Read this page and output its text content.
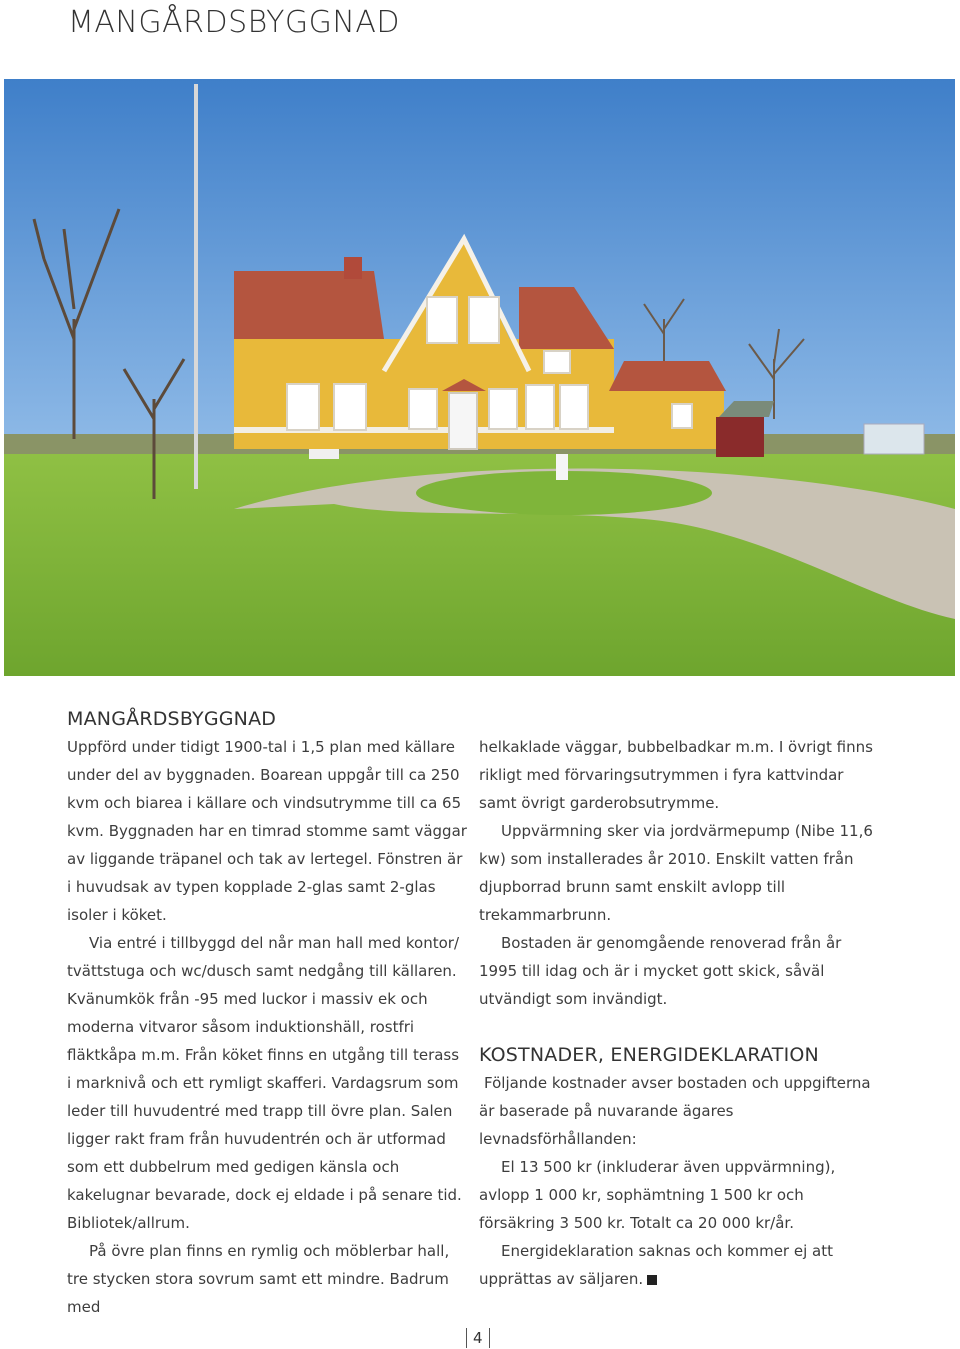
MANGÅRDSBYGGNAD
MANGÅRDSBYGGNAD

Uppförd under tidigt 1900-tal i 1,5 plan med källare under del av byggnaden. Boarean uppgår till ca 250 kvm och biarea i källare och vindsutrymme till ca 65 kvm. Byggnaden har en timrad stomme samt väggar av liggande träpanel och tak av lertegel. Fönstren är i huvudsak av typen kopplade 2-glas samt 2-glas isoler i köket.

Via entré i tillbyggd del når man hall med kontor/ tvättstuga och wc/dusch samt nedgång till källaren. Kvänumkök från -95 med luckor i massiv ek och moderna vitvaror såsom induktionshäll, rostfri fläktkåpa m.m. Från köket finns en utgång till terass i marknivå och ett rymligt skafferi. Vardagsrum som leder till huvudentré med trapp till övre plan. Salen ligger rakt fram från huvudentrén och är utformad som ett dubbelrum med gedigen känsla och kakelugnar bevarade, dock ej eldade i på senare tid. Bibliotek/allrum.

På övre plan finns en rymlig och möblerbar hall, tre stycken stora sovrum samt ett mindre. Badrum med

helkaklade väggar, bubbelbadkar m.m. I övrigt finns rikligt med förvaringsutrymmen i fyra kattvindar samt övrigt garderobsutrymme.

Uppvärmning sker via jordvärmepump (Nibe 11,6 kw) som installerades år 2010. Enskilt vatten från djupborrad brunn samt enskilt avlopp till trekammarbrunn.

Bostaden är genomgående renoverad från år 1995 till idag och är i mycket gott skick, såväl utvändigt som invändigt.

KOSTNADER, ENERGIDEKLARATION

Följande kostnader avser bostaden och uppgifterna är baserade på nuvarande ägares levnadsförhållanden:

El 13 500 kr (inkluderar även uppvärmning), avlopp 1 000 kr, sophämtning 1 500 kr och försäkring 3 500 kr. Totalt ca 20 000 kr/år.

Energideklaration saknas och kommer ej att upprättas av säljaren.

4
